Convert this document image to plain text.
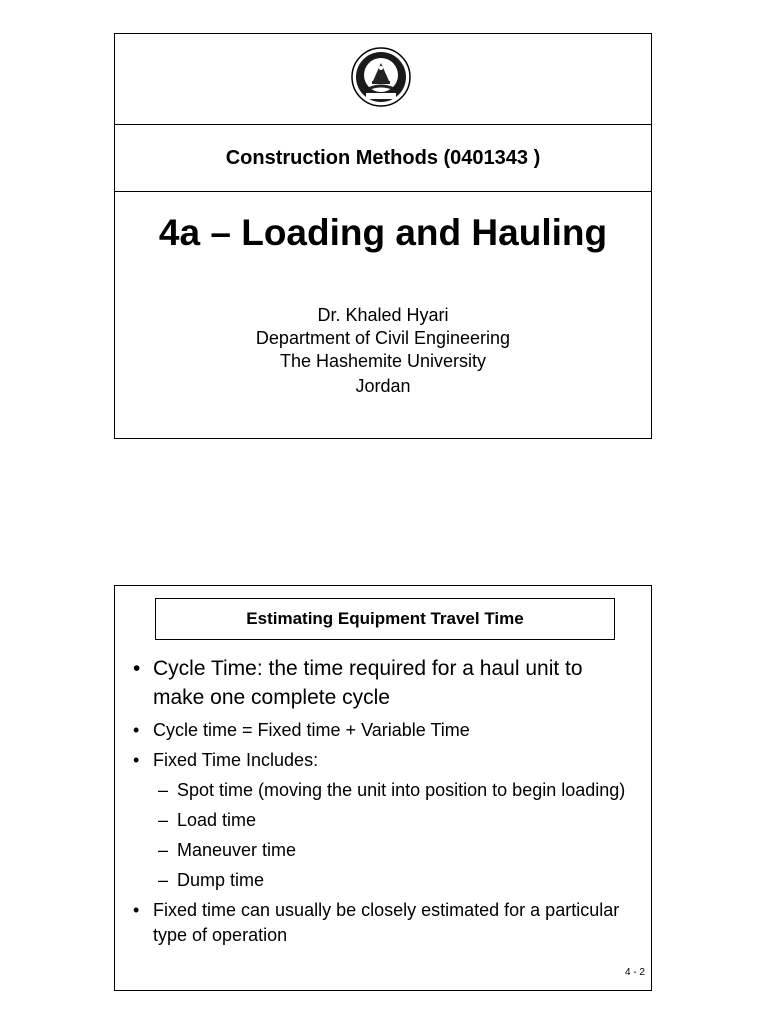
Construction Methods (0401343 )
4a – Loading and Hauling
Dr. Khaled Hyari
Department of Civil Engineering
The Hashemite University
Jordan
Estimating Equipment Travel Time
• Cycle Time: the time required for a haul unit to make one complete cycle
• Cycle time = Fixed time + Variable Time
• Fixed Time Includes:
– Spot time (moving the unit into position to begin loading)
– Load time
– Maneuver time
– Dump time
• Fixed time can usually be closely estimated for a particular type of operation
4 - 2
